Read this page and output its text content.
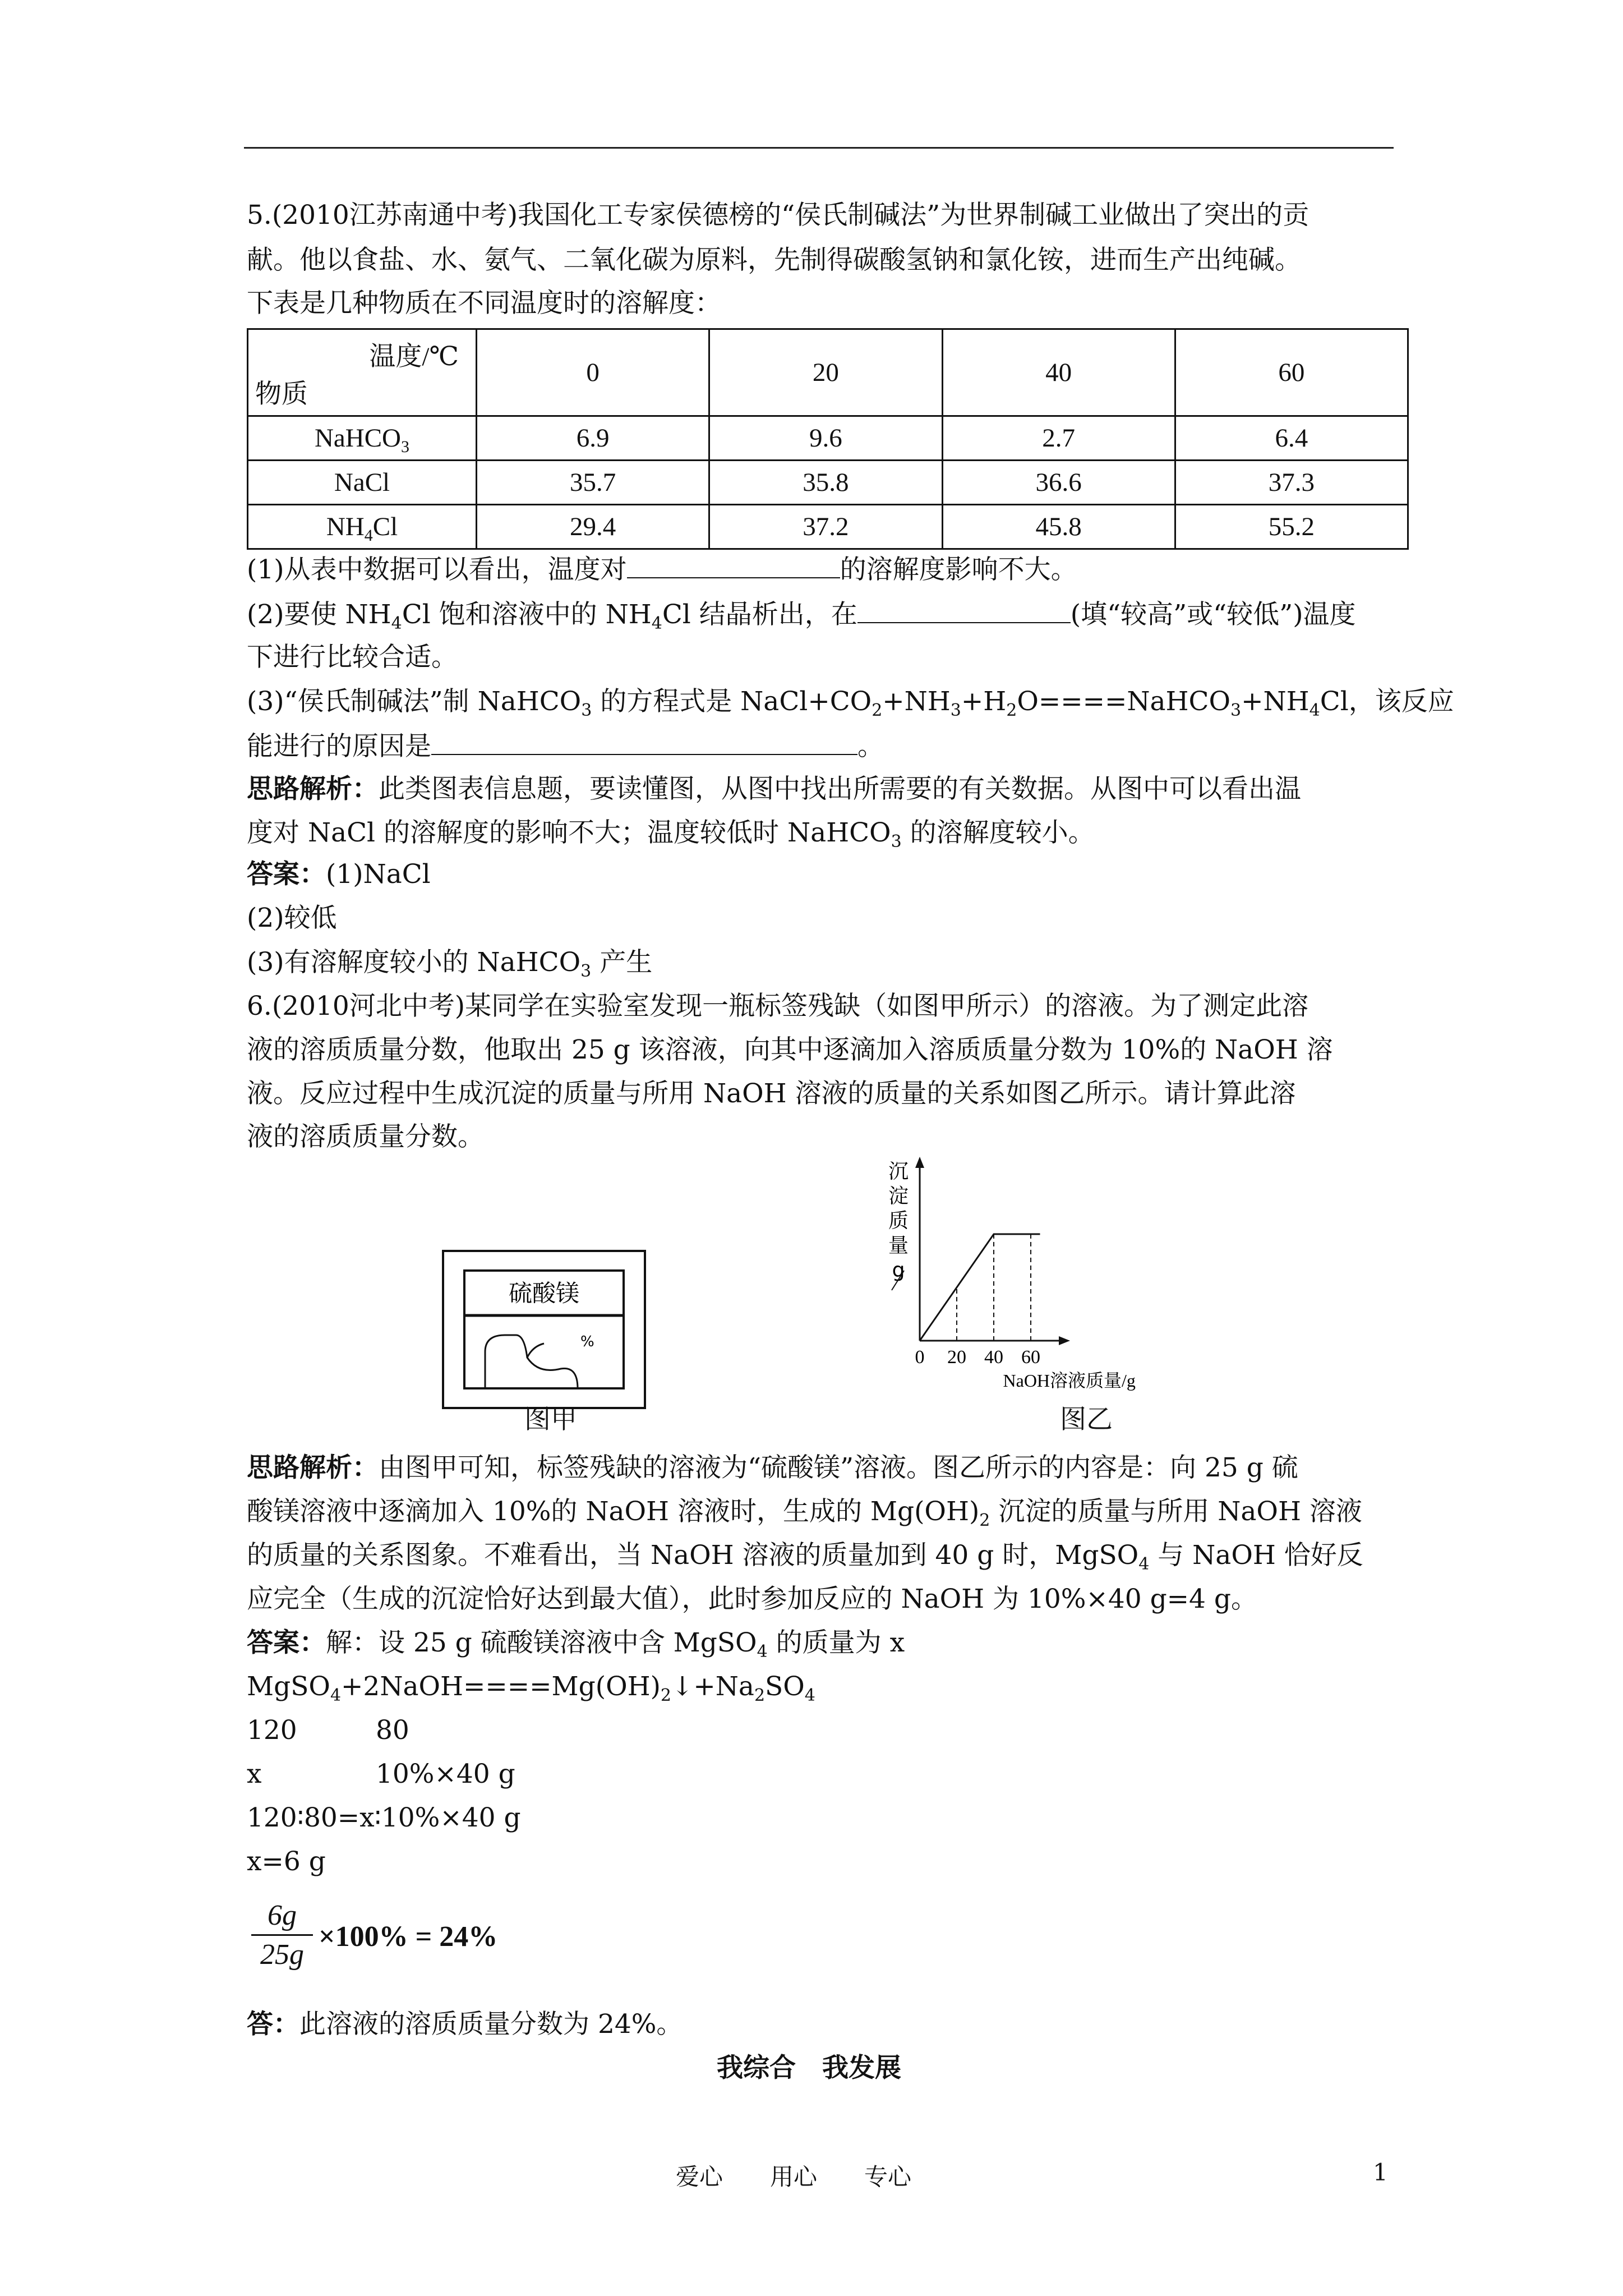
5.(2010江苏南通中考)我国化工专家侯德榜的“侯氏制碱法”为世界制碱工业做出了突出的贡
献。他以食盐、水、氨气、二氧化碳为原料，先制得碳酸氢钠和氯化铵，进而生产出纯碱。
下表是几种物质在不同温度时的溶解度：
温度/℃
物质	0	20	40	60
NaHCO$_3$	6.9	9.6	2.7	6.4
NaCl	35.7	35.8	36.6	37.3
$NH_4Cl$	29.4	37.2	45.8	55.2
(1)从表中数据可以看出，温度对	的溶解度影响不大。
(2)要使 $NH_4Cl$ 饱和溶液中的 $NH_4Cl$ 结晶析出，在	(填“较高”或“较低”)温度
下进行比较合适。
(3)“侯氏制碱法”制 NaHCO$_3$ 的方程式是 $NaCl+CO_2+NH_3+H_2O====NaHCO_3+NH_4Cl$，该反应
能进行的原因是	。
思路解析：此类图表信息题，要读懂图，从图中找出所需要的有关数据。从图中可以看出温
度对 NaCl 的溶解度的影响不大；温度较低时 NaHCO$_3$ 的溶解度较小。
答案：(1)NaCl
(2)较低
(3)有溶解度较小的 NaHCO$_3$ 产生
6.(2010河北中考)某同学在实验室发现一瓶标签残缺（如图甲所示）的溶液。为了测定此溶
液的溶质质量分数，他取出 25 g 该溶液，向其中逐滴加入溶质质量分数为 10%的 NaOH 溶
液。反应过程中生成沉淀的质量与所用 NaOH 溶液的质量的关系如图乙所示。请计算此溶
液的溶质质量分数。
硫酸镁
%
图甲
0 20 40 60
NaOH溶液质量/g
沉
淀
质
量
g
图乙
思路解析：由图甲可知，标签残缺的溶液为“硫酸镁”溶液。图乙所示的内容是：向 25 g 硫
酸镁溶液中逐滴加入 10%的 NaOH 溶液时，生成的 $Mg(OH)_2$ 沉淀的质量与所用 NaOH 溶液
的质量的关系图象。不难看出，当 NaOH 溶液的质量加到 40 g 时，MgSO$_4$ 与 NaOH 恰好反
应完全（生成的沉淀恰好达到最大值），此时参加反应的 NaOH 为 10%×40 g=4 g。
答案：解：设 25 g 硫酸镁溶液中含 MgSO$_4$ 的质量为 x
$MgSO_4+2NaOH====Mg(OH)_2↓+Na_2SO_4$
120	80
x	10%×40 g
120∶80=x∶10%×40 g
x=6 g
6g
25g
×100% = 24%
答：此溶液的溶质质量分数为 24%。
我综合　我发展
爱心　　用心　　专心	1
